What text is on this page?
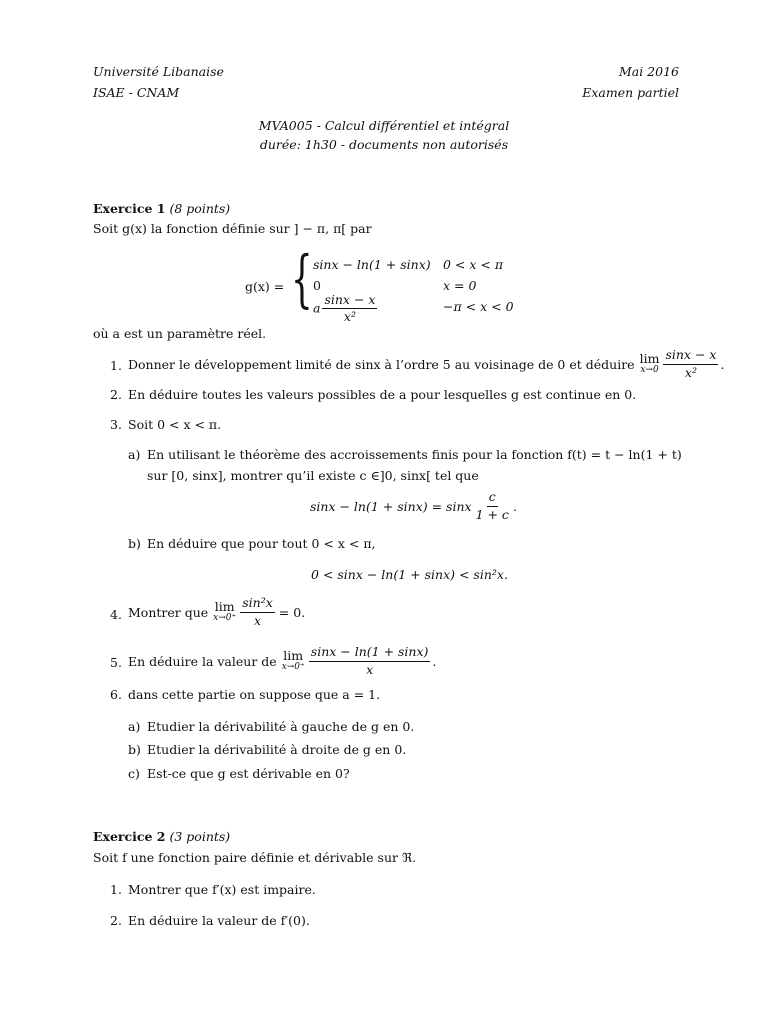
Université Libanaise
ISAE - CNAM
Mai 2016
Examen partiel
MVA005 - Calcul différentiel et intégral
durée: 1h30 - documents non autorisés
Exercice 1 (8 points)
Soit g(x) la fonction définie sur ] − π, π[ par
g(x) = { sinx − ln(1 + sinx) 0 < x < π
0	x = 0
a $\frac{\sin x - x}{\text{x²}}$	−π < x < 0
où a est un paramètre réel.
1. Donner le développement limité de sinx à l’ordre 5 au voisinage de 0 et déduire lim
$x\to 0 \frac{\sin x - x}{\text{x²}}$ .
2. En déduire toutes les valeurs possibles de a pour lesquelles g est continue en 0.
3. Soit 0 < x < π.
a) En utilisant le théorème des accroissements finis pour la fonction f(t) = t − ln(1 + t)
sur [0, sinx], montrer qu’il existe c ∈]0, sinx[ tel que
sinx − ln(1 + sinx) = sinx $\frac{c}{1 + c}$ .
b) En déduire que pour tout 0 < x < π,
0 < sinx − ln(1 + sinx) < sin²x.
4. Montrer que lim
$x\to 0^+ \frac{\text{sin²x}}{x} = 0$.
5. En déduire la valeur de lim
$x\to 0^+ \frac{\sin x - \ln(1 + \sin x)}{x}$ .
6. dans cette partie on suppose que a = 1.
a) Etudier la dérivabilité à gauche de g en 0.
b) Etudier la dérivabilité à droite de g en 0.
c) Est-ce que g est dérivable en 0?
Exercice 2 (3 points)
Soit f une fonction paire définie et dérivable sur ℜ.
1. Montrer que f′(x) est impaire.
2. En déduire la valeur de f′(0).
